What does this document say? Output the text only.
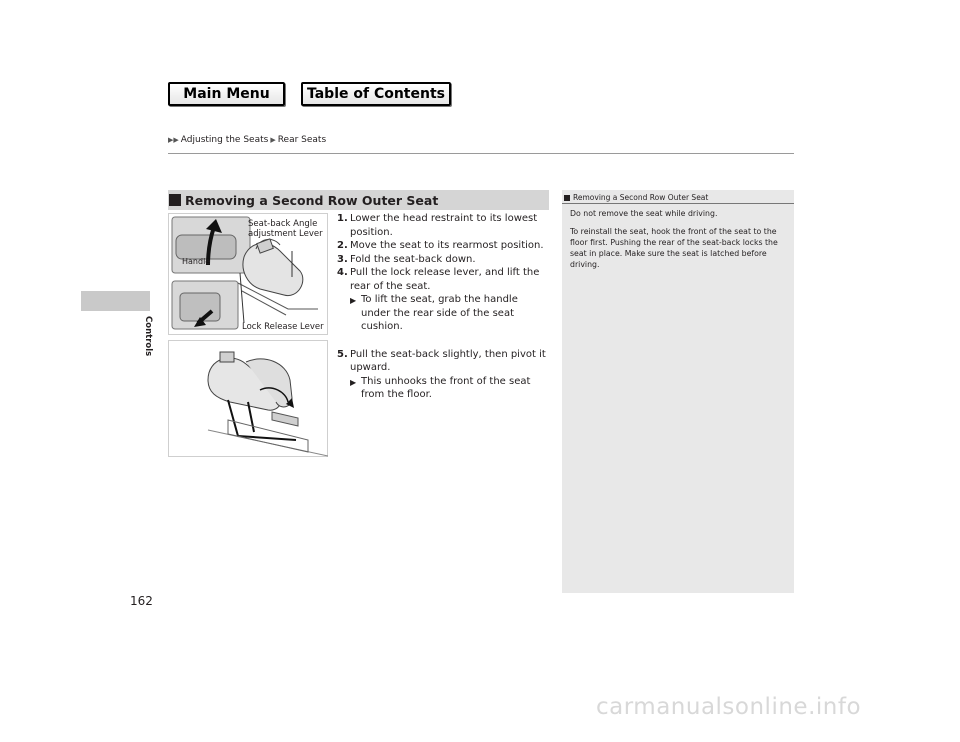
Main Menu	Table of Contents
▶▶ Adjusting the Seats ▶ Rear Seats
Controls
162
Removing a Second Row Outer Seat
Seat-back Angle adjustment Lever
Handle
Lock Release Lever
1. Lower the head restraint to its lowest position.
2. Move the seat to its rearmost position.
3. Fold the seat-back down.
4. Pull the lock release lever, and lift the rear of the seat.
▶ To lift the seat, grab the handle under the rear side of the seat cushion.
5. Pull the seat-back slightly, then pivot it upward.
▶ This unhooks the front of the seat from the floor.
Removing a Second Row Outer Seat

Do not remove the seat while driving.

To reinstall the seat, hook the front of the seat to the floor first. Pushing the rear of the seat-back locks the seat in place. Make sure the seat is latched before driving.

carmanualsonline.info
